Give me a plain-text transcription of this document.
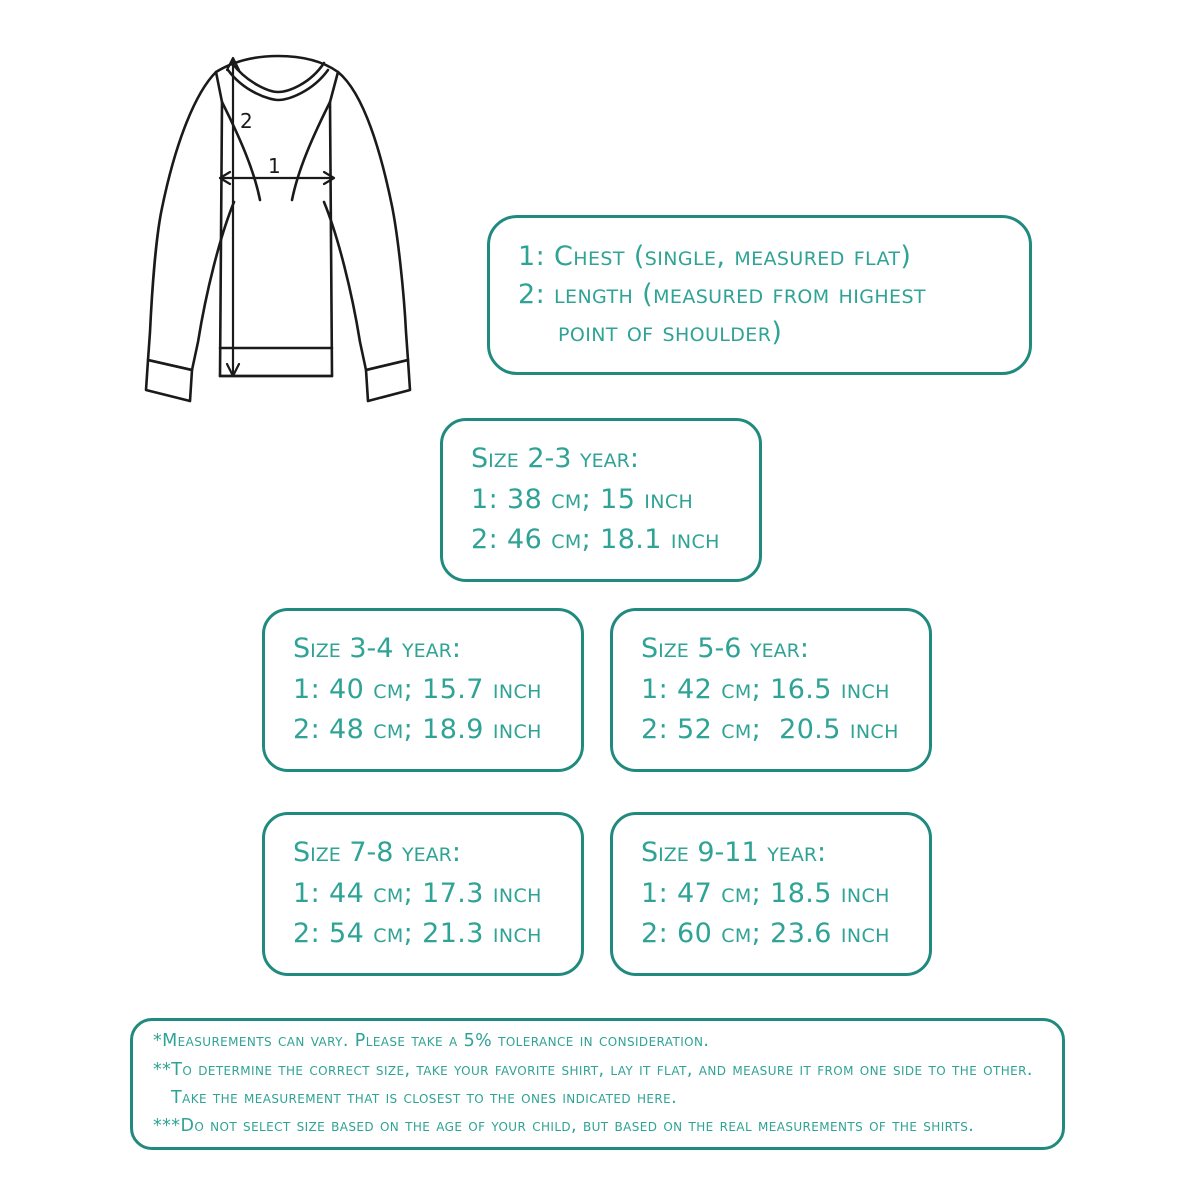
1
2
1: Chest (single, measured flat)
2: length (measured from highest
point of shoulder)
Size 2-3 year:
1: 38 cm; 15 inch
2: 46 cm; 18.1 inch
Size 3-4 year:
1: 40 cm; 15.7 inch
2: 48 cm; 18.9 inch
Size 5-6 year:
1: 42 cm; 16.5 inch
2: 52 cm;  20.5 inch
Size 7-8 year:
1: 44 cm; 17.3 inch
2: 54 cm; 21.3 inch
Size 9-11 year:
1: 47 cm; 18.5 inch
2: 60 cm; 23.6 inch
*Measurements can vary. Please take a 5% tolerance in consideration.
**To determine the correct size, take your favorite shirt, lay it flat, and measure it from one side to the other.
Take the measurement that is closest to the ones indicated here.
***Do not select size based on the age of your child, but based on the real measurements of the shirts.
